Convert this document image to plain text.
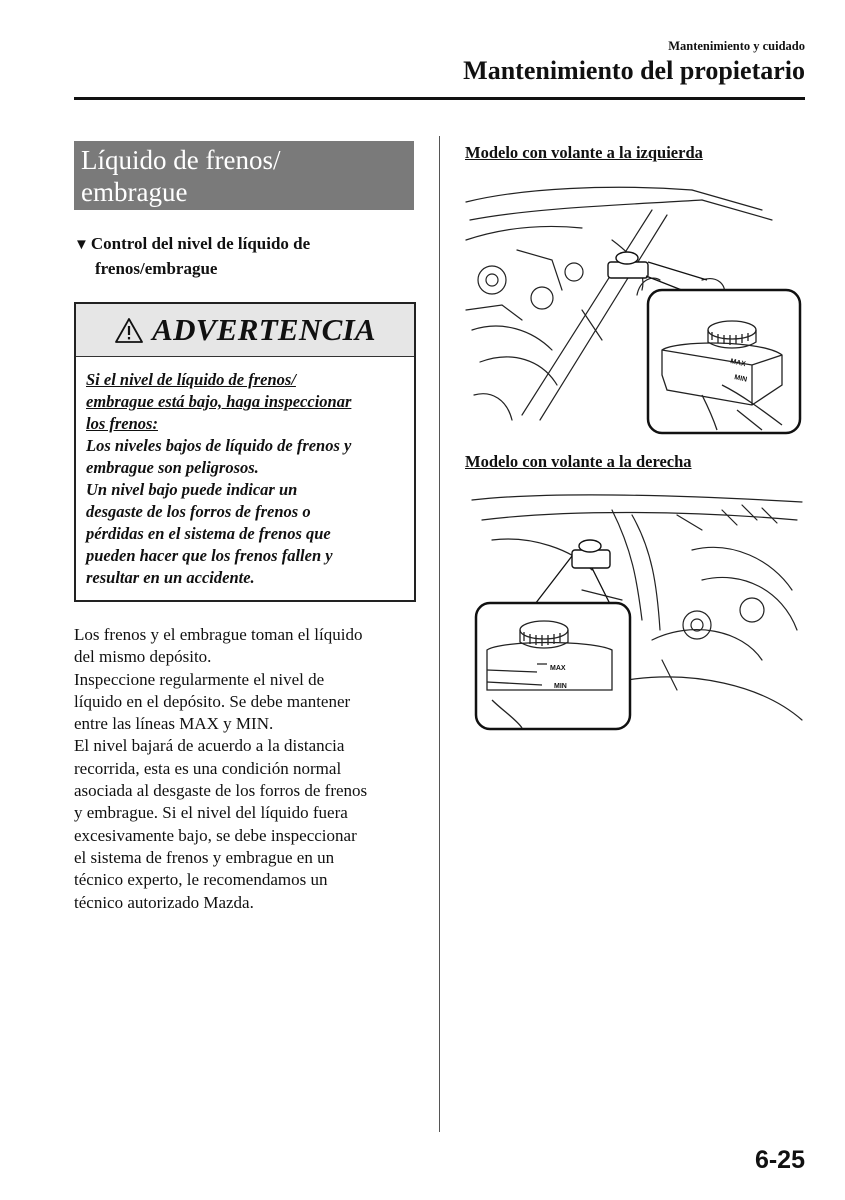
Mantenimiento y cuidado
Mantenimiento del propietario
Líquido de frenos/
embrague
▼ Control del nivel de líquido de
frenos/embrague
ADVERTENCIA
Si el nivel de líquido de frenos/
embrague está bajo, haga inspeccionar
los frenos:
Los niveles bajos de líquido de frenos y
embrague son peligrosos.
Un nivel bajo puede indicar un
desgaste de los forros de frenos o
pérdidas en el sistema de frenos que
pueden hacer que los frenos fallen y
resultar en un accidente.

Los frenos y el embrague toman el líquido

del mismo depósito.

Inspeccione regularmente el nivel de

líquido en el depósito. Se debe mantener

entre las líneas MAX y MIN.

El nivel bajará de acuerdo a la distancia

recorrida, esta es una condición normal

asociada al desgaste de los forros de frenos

y embrague. Si el nivel del líquido fuera

excesivamente bajo, se debe inspeccionar

el sistema de frenos y embrague en un

técnico experto, le recomendamos un

técnico autorizado Mazda.

Modelo con volante a la izquierda
MAX
MIN
Modelo con volante a la derecha
MAX
MIN
6-25
